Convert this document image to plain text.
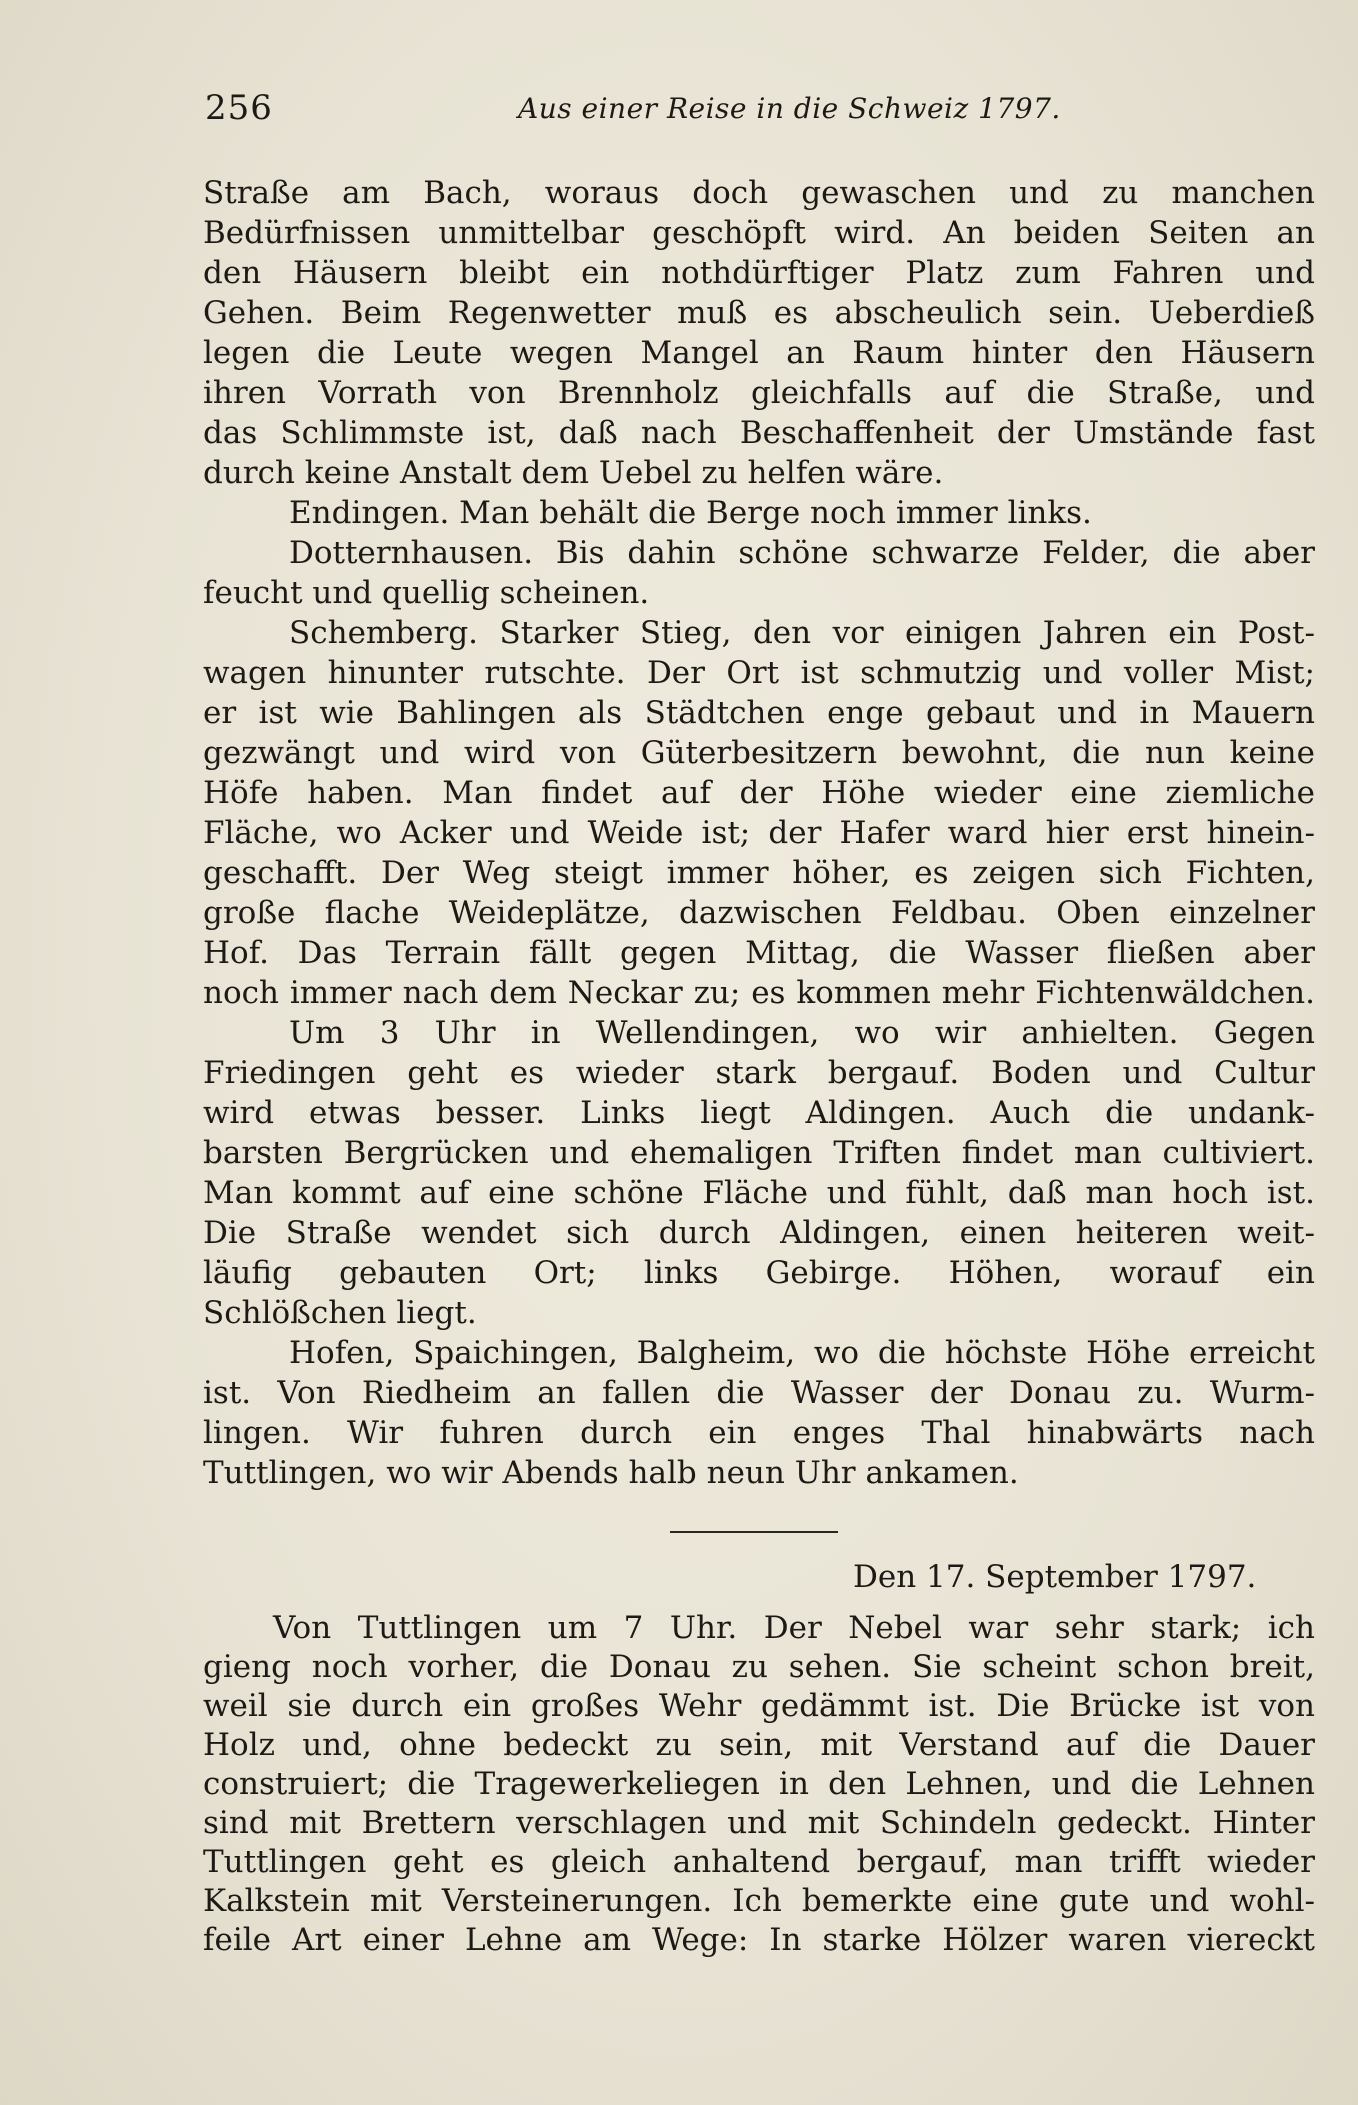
256	Aus einer Reise in die Schweiz 1797.
Straße am Bach, woraus doch gewaschen und zu manchen
Bedürfnissen unmittelbar geschöpft wird. An beiden Seiten an
den Häusern bleibt ein nothdürftiger Platz zum Fahren und
Gehen. Beim Regenwetter muß es abscheulich sein. Ueberdieß
legen die Leute wegen Mangel an Raum hinter den Häusern
ihren Vorrath von Brennholz gleichfalls auf die Straße, und
das Schlimmste ist, daß nach Beschaffenheit der Umstände fast
durch keine Anstalt dem Uebel zu helfen wäre.
Endingen. Man behält die Berge noch immer links.
Dotternhausen. Bis dahin schöne schwarze Felder, die aber
feucht und quellig scheinen.
Schemberg. Starker Stieg, den vor einigen Jahren ein Post-
wagen hinunter rutschte. Der Ort ist schmutzig und voller Mist;
er ist wie Bahlingen als Städtchen enge gebaut und in Mauern
gezwängt und wird von Güterbesitzern bewohnt, die nun keine
Höfe haben. Man findet auf der Höhe wieder eine ziemliche
Fläche, wo Acker und Weide ist; der Hafer ward hier erst hinein-
geschafft. Der Weg steigt immer höher, es zeigen sich Fichten,
große flache Weideplätze, dazwischen Feldbau. Oben einzelner
Hof. Das Terrain fällt gegen Mittag, die Wasser fließen aber
noch immer nach dem Neckar zu; es kommen mehr Fichtenwäldchen.
Um 3 Uhr in Wellendingen, wo wir anhielten. Gegen
Friedingen geht es wieder stark bergauf. Boden und Cultur
wird etwas besser. Links liegt Aldingen. Auch die undank-
barsten Bergrücken und ehemaligen Triften findet man cultiviert.
Man kommt auf eine schöne Fläche und fühlt, daß man hoch ist.
Die Straße wendet sich durch Aldingen, einen heiteren weit-
läufig gebauten Ort; links Gebirge. Höhen, worauf ein
Schlößchen liegt.
Hofen, Spaichingen, Balgheim, wo die höchste Höhe erreicht
ist. Von Riedheim an fallen die Wasser der Donau zu. Wurm-
lingen. Wir fuhren durch ein enges Thal hinabwärts nach
Tuttlingen, wo wir Abends halb neun Uhr ankamen.
Den 17. September 1797.
Von Tuttlingen um 7 Uhr. Der Nebel war sehr stark; ich
gieng noch vorher, die Donau zu sehen. Sie scheint schon breit,
weil sie durch ein großes Wehr gedämmt ist. Die Brücke ist von
Holz und, ohne bedeckt zu sein, mit Verstand auf die Dauer
construiert; die Tragewerkeliegen in den Lehnen, und die Lehnen
sind mit Brettern verschlagen und mit Schindeln gedeckt. Hinter
Tuttlingen geht es gleich anhaltend bergauf, man trifft wieder
Kalkstein mit Versteinerungen. Ich bemerkte eine gute und wohl-
feile Art einer Lehne am Wege: In starke Hölzer waren viereckt
